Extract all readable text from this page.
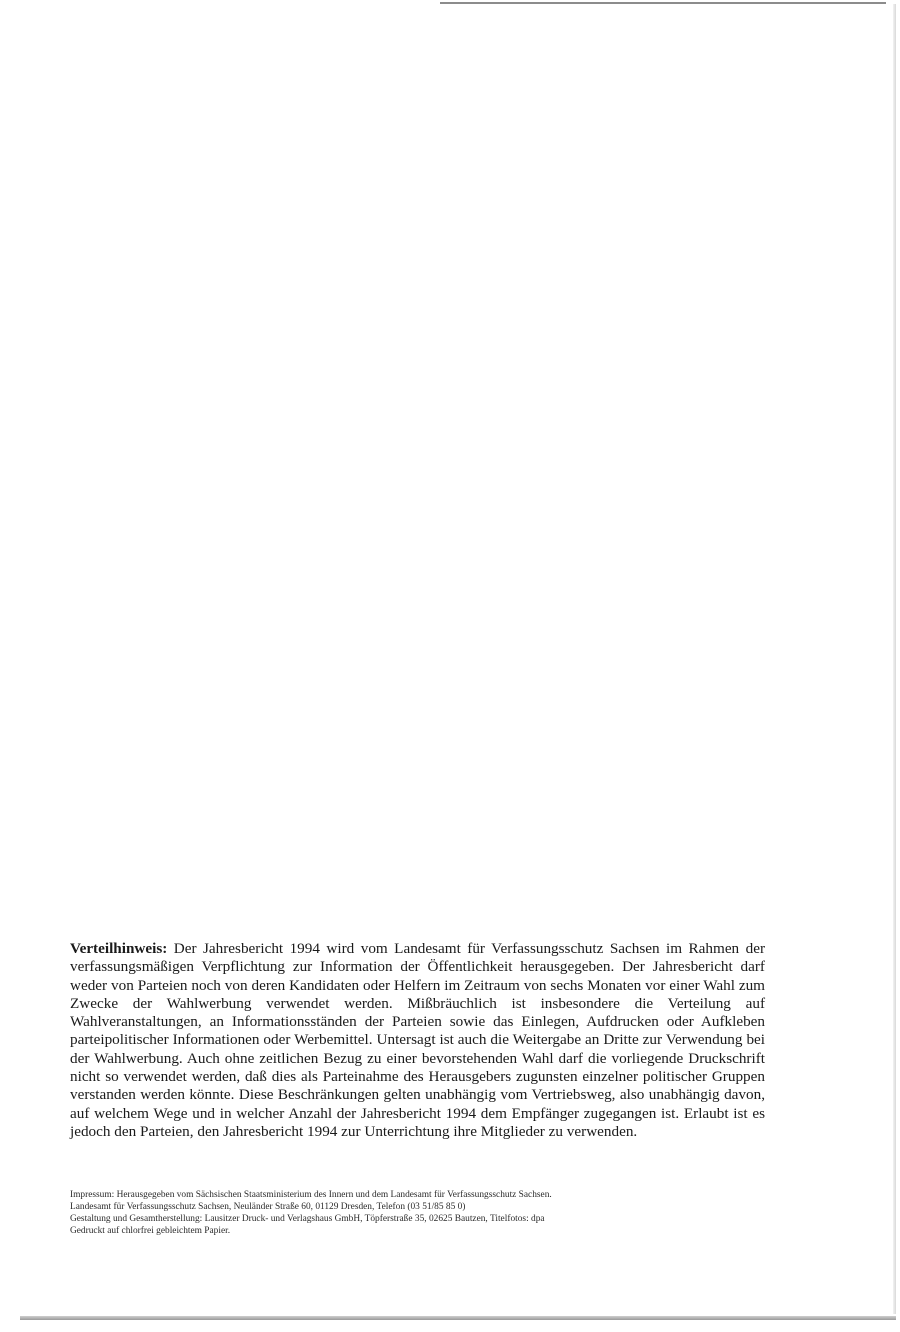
Verteilhinweis: Der Jahresbericht 1994 wird vom Landesamt für Verfassungsschutz Sachsen im Rahmen der verfassungsmäßigen Verpflichtung zur Information der Öffentlichkeit herausgegeben. Der Jahresbericht darf weder von Parteien noch von deren Kandidaten oder Helfern im Zeitraum von sechs Monaten vor einer Wahl zum Zwecke der Wahlwerbung verwendet werden. Mißbräuchlich ist insbesondere die Verteilung auf Wahlveranstaltungen, an Informationsständen der Parteien sowie das Einlegen, Aufdrucken oder Aufkleben parteipolitischer Informationen oder Werbemittel. Untersagt ist auch die Weitergabe an Dritte zur Verwendung bei der Wahlwerbung. Auch ohne zeitlichen Bezug zu einer bevorstehenden Wahl darf die vorliegende Druckschrift nicht so verwendet werden, daß dies als Parteinahme des Herausgebers zugunsten einzelner politischer Gruppen verstanden werden könnte. Diese Beschränkungen gelten unabhängig vom Vertriebsweg, also unabhängig davon, auf welchem Wege und in welcher Anzahl der Jahresbericht 1994 dem Empfänger zugegangen ist. Erlaubt ist es jedoch den Parteien, den Jahresbericht 1994 zur Unterrichtung ihre Mitglieder zu verwenden.

Impressum: Herausgegeben vom Sächsischen Staatsministerium des Innern und dem Landesamt für Verfassungsschutz Sachsen.
Landesamt für Verfassungsschutz Sachsen, Neuländer Straße 60, 01129 Dresden, Telefon (03 51/85 85 0)
Gestaltung und Gesamtherstellung: Lausitzer Druck- und Verlagshaus GmbH, Töpferstraße 35, 02625 Bautzen, Titelfotos: dpa
Gedruckt auf chlorfrei gebleichtem Papier.
